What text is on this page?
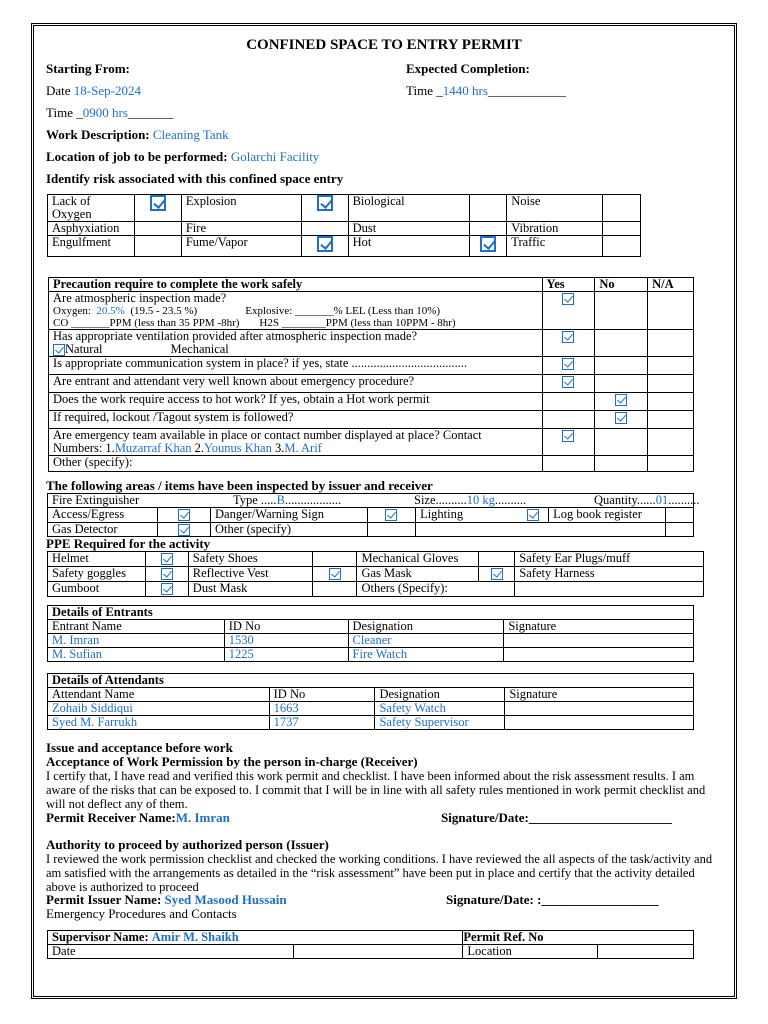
CONFINED SPACE TO ENTRY PERMIT
Starting From:	Expected Completion:
Date 18-Sep-2024	Time _1440 hrs____________
Time _0900 hrs_______
Work Description: Cleaning Tank
Location of job to be performed: Golarchi Facility
Identify risk associated with this confined space entry
Lack of Oxygen		Explosion		Biological		Noise	
Asphyxiation		Fire		Dust		Vibration	
Engulfment		Fume/Vapor		Hot		Traffic	
Precaution require to complete the work safely	Yes	No	N/A

Are atmospheric inspection made?
Oxygen: 20.5% (19.5 - 23.5 %) Explosive: _______% LEL (Less than 10%)
CO _______PPM (less than 35 PPM -8hr) H2S ________PPM (less than 10PPM - 8hr)			

Has appropriate ventilation provided after atmospheric inspection made?
Natural Mechanical			

Is appropriate communication system in place? if yes, state .....................................			
Are entrant and attendant very well known about emergency procedure?			
Does the work require access to hot work? If yes, obtain a Hot work permit			
If required, lockout /Tagout system is followed?			

Are emergency team available in place or contact number displayed at place? Contact
Numbers: 1.Muzarraf Khan 2.Younus Khan 3.M. Arif			

Other (specify):			
The following areas / items have been inspected by issuer and receiver
Fire Extinguisher Type .....B.................. Size..........10 kg.......... Quantity......01..........					

Access/Egress		Danger/Warning Sign		Lighting Log book register	

Gas Detector		Other (specify)			
PPE Required for the activity
Helmet		Safety Shoes		Mechanical Gloves		Safety Ear Plugs/muff
Safety goggles		Reflective Vest		Gas Mask		Safety Harness
Gumboot		Dust Mask		Others (Specify):		
Details of Entrants			
Entrant Name	ID No	Designation	Signature
M. Imran	1530	Cleaner	
M. Sufian	1225	Fire Watch	
Details of Attendants			
Attendant Name	ID No	Designation	Signature
Zohaib Siddiqui	1663	Safety Watch	
Syed M. Farrukh	1737	Safety Supervisor	
Issue and acceptance before work
Acceptance of Work Permission by the person in-charge (Receiver)
I certify that, I have read and verified this work permit and checklist. I have been informed about the risk assessment results. I am aware of the risks that can be exposed to. I commit that I will be in line with all safety rules mentioned in work permit checklist and will not deflect any of them.
Permit Receiver Name:M. Imran	Signature/Date:______________________
Authority to proceed by authorized person (Issuer)
I reviewed the work permission checklist and checked the working conditions. I have reviewed the all aspects of the task/activity and am satisfied with the arrangements as detailed in the “risk assessment” have been put in place and certify that the activity detailed above is authorized to proceed
Permit Issuer Name: Syed Masood Hussain	Signature/Date: :__________________
Emergency Procedures and Contacts
Supervisor Name: Amir M. Shaikh		Permit Ref. No	
Date		Location	
